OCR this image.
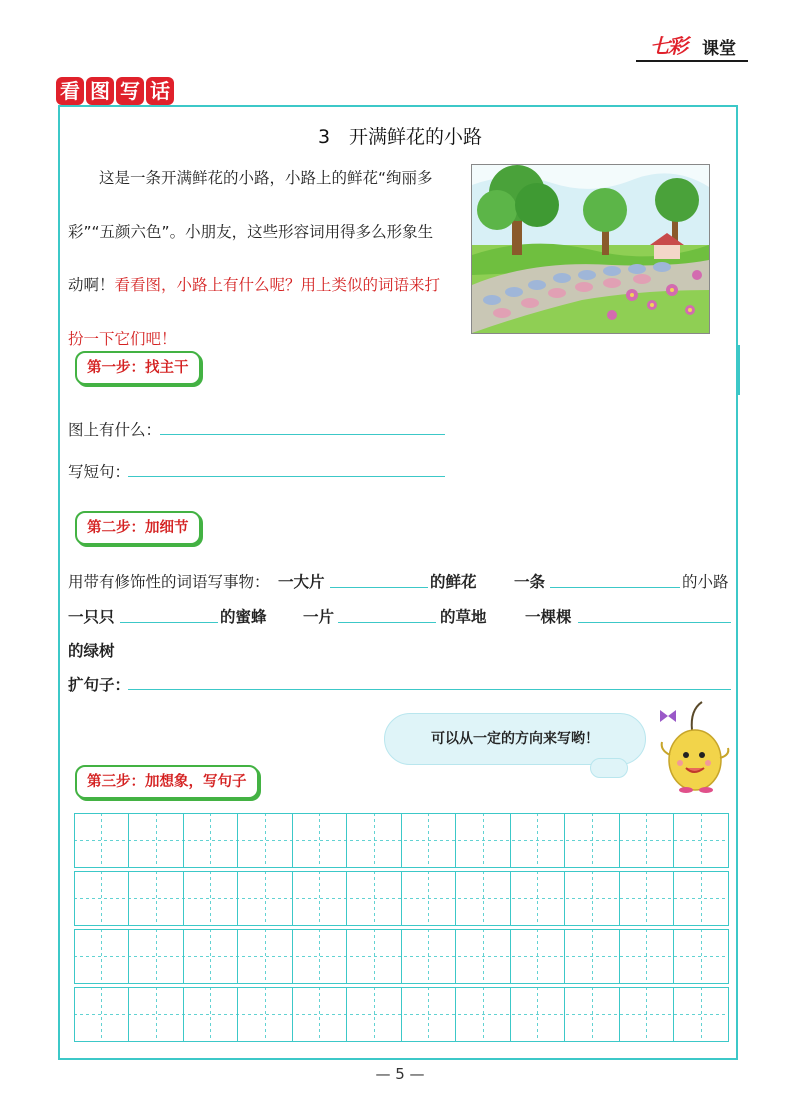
七彩 课堂
看 图 写 话
3　开满鲜花的小路
这是一条开满鲜花的小路，小路上的鲜花“绚丽多彩”“五颜六色”。小朋友，这些形容词用得多么形象生动啊！看看图，小路上有什么呢？用上类似的词语来打扮一下它们吧！
第一步：找主干
图上有什么：
写短句：
第二步：加细节
用带有修饰性的词语写事物： 一大片	的鲜花 一条	的小路
一只只	的蜜蜂 一片	的草地 一棵棵
的绿树
扩句子：
可以从一定的方向来写哟！
第三步：加想象，写句子
— 5 —
